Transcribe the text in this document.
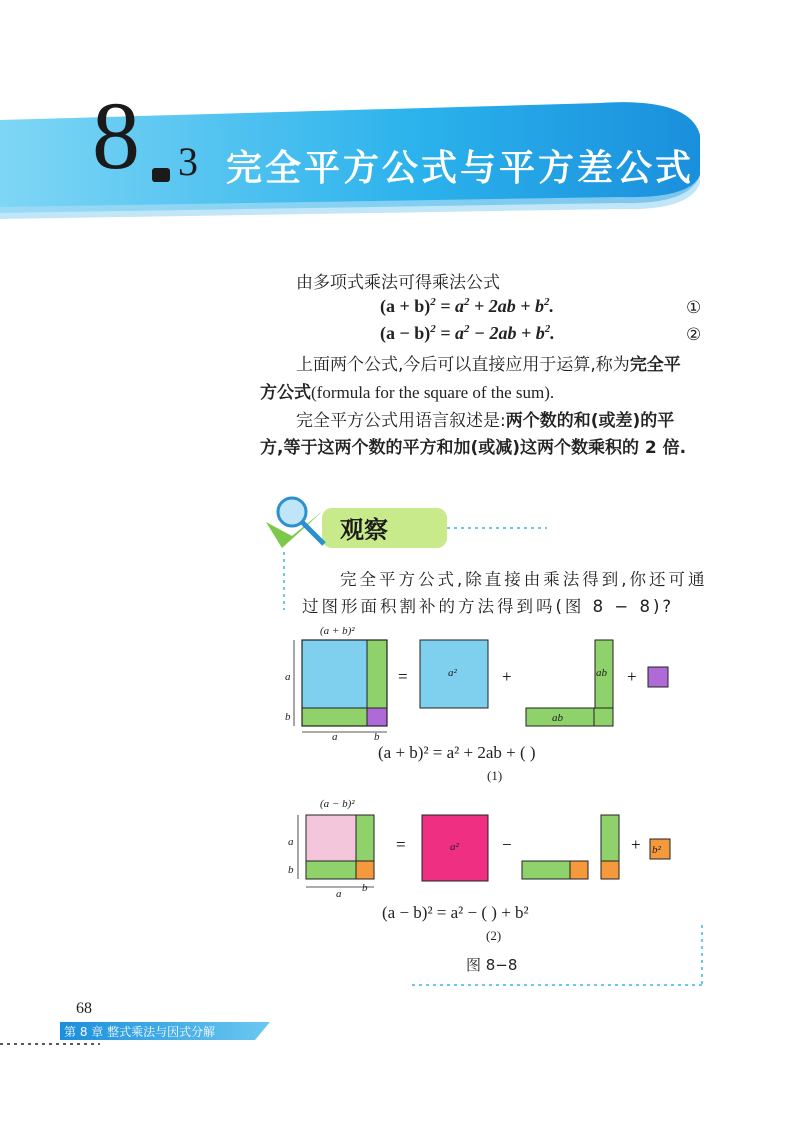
8 3 完全平方公式与平方差公式
由多项式乘法可得乘法公式
$(a + b)^2 = a^2 + 2ab + b^2$.	①
$(a - b)^2 = a^2 - 2ab + b^2$.	②
上面两个公式,今后可以直接应用于运算,称为完全平
方公式(formula for the square of the sum).
完全平方公式用语言叙述是:两个数的和(或差)的平
方,等于这两个数的平方和加(或减)这两个数乘积的 2 倍.
观察
完全平方公式,除直接由乘法得到,你还可通
过图形面积割补的方法得到吗(图 8 − 8)?
(a + b)²
a
b
a	b
=	a²	+	ab
ab
+
(a + b)² = a² + 2ab + ( )
(1)
(a − b)²
a
b
a b
=	a²	−	+ b²
(a − b)² = a² − ( ) + b²
(2)
图 8−8
68
第 8 章 整式乘法与因式分解
